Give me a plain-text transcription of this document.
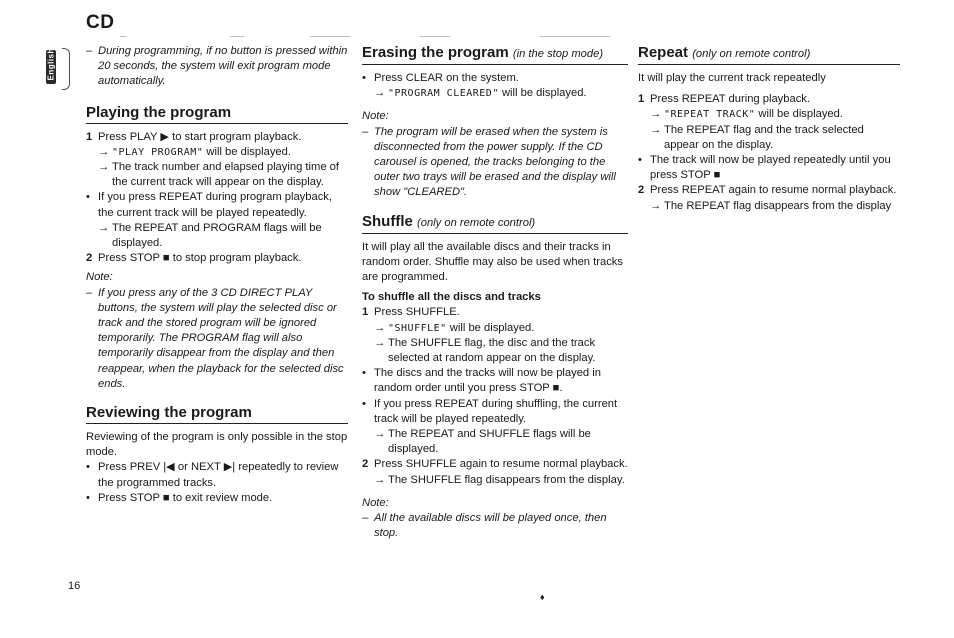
CD
English	– During programming, if no button is pressed within 20 seconds, the system will exit program mode automatically.
Playing the program
1 Press PLAY ▶ to start program playback.
→ "PLAY PROGRAM" will be displayed.
→ The track number and elapsed playing time of the current track will appear on the display.
• If you press REPEAT during program playback, the current track will be played repeatedly.
→ The REPEAT and PROGRAM flags will be displayed.
2 Press STOP ■ to stop program playback.

Note:

– If you press any of the 3 CD DIRECT PLAY buttons, the system will play the selected disc or track and the stored program will be ignored temporarily. The PROGRAM flag will also temporarily disappear from the display and then reappear, when the playback for the selected disc ends.
Reviewing the program

Reviewing of the program is only possible in the stop mode.

• Press PREV |◀ or NEXT ▶| repeatedly to review the programmed tracks.
• Press STOP ■ to exit review mode.
Erasing the program (in the stop mode)
• Press CLEAR on the system.
→ "PROGRAM CLEARED" will be displayed.

Note:

– The program will be erased when the system is disconnected from the power supply. If the CD carousel is opened, the tracks belonging to the outer two trays will be erased and the display will show "CLEARED".
Shuffle (only on remote control)

It will play all the available discs and their tracks in random order. Shuffle may also be used when tracks are programmed.

To shuffle all the discs and tracks

1 Press SHUFFLE.
→ "SHUFFLE" will be displayed.
→ The SHUFFLE flag, the disc and the track selected at random appear on the display.
• The discs and the tracks will now be played in random order until you press STOP ■.
• If you press REPEAT during shuffling, the current track will be played repeatedly.
→ The REPEAT and SHUFFLE flags will be displayed.
2 Press SHUFFLE again to resume normal playback.
→ The SHUFFLE flag disappears from the display.

Note:

– All the available discs will be played once, then stop.
Repeat (only on remote control)

It will play the current track repeatedly

1 Press REPEAT during playback.
→ "REPEAT TRACK" will be displayed.
→ The REPEAT flag and the track selected appear on the display.
• The track will now be played repeatedly until you press STOP ■
2 Press REPEAT again to resume normal playback.
→ The REPEAT flag disappears from the display
16
♦
